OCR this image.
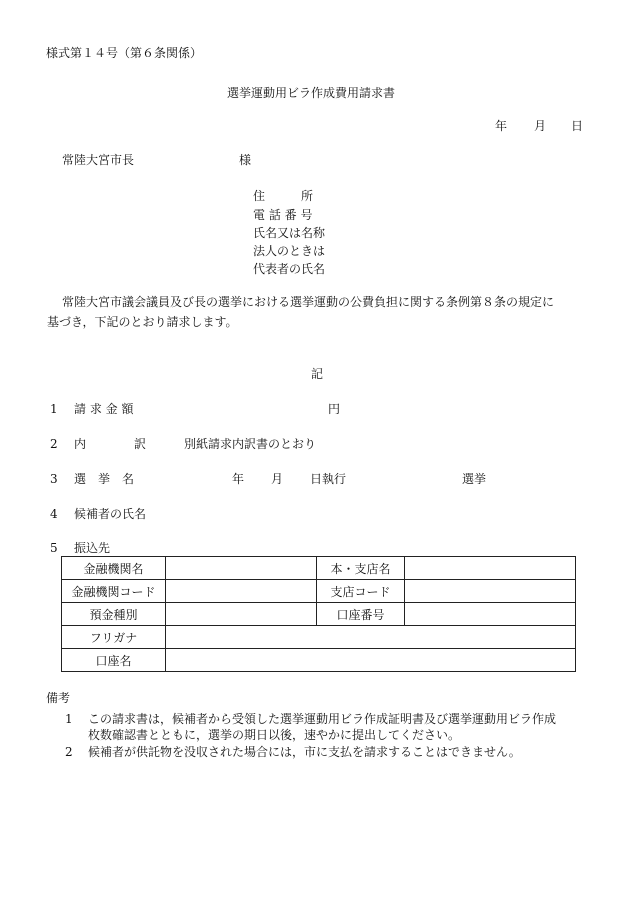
様式第１４号（第６条関係）
選挙運動用ビラ作成費用請求書
年 月 日
常陸大宮市長	様
住　　　所
電 話 番 号
氏名又は名称
法人のときは
代表者の氏名
常陸大宮市議会議員及び長の選挙における選挙運動の公費負担に関する条例第８条の規定に
基づき，下記のとおり請求します。
記
1 請 求 金 額	円
2 内	訳	別紙請求内訳書のとおり
3 選　挙　名	年 月 日執行	選挙
4 候補者の氏名
5 振込先
金融機関名		本・支店名	
金融機関コード		支店コード	
預金種別		口座番号	
フリガナ			
口座名			
備考
1 この請求書は，候補者から受領した選挙運動用ビラ作成証明書及び選挙運動用ビラ作成
枚数確認書とともに，選挙の期日以後，速やかに提出してください。
2 候補者が供託物を没収された場合には，市に支払を請求することはできません。
